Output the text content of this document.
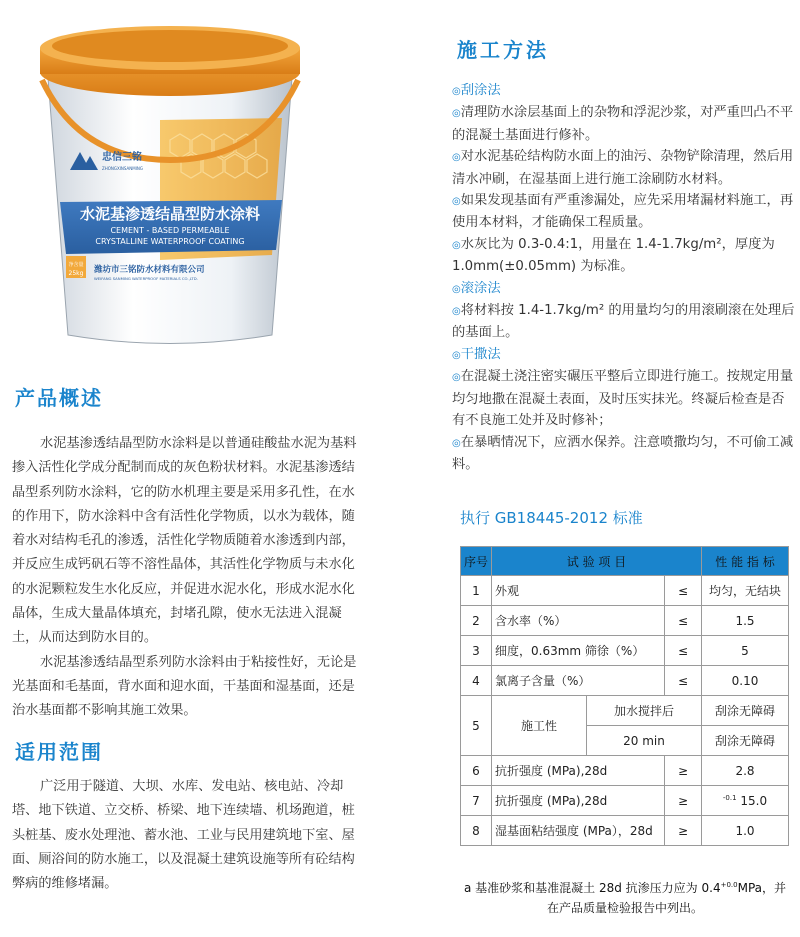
忠信三铭
ZHONGXINSANMING
水泥基渗透结晶型防水涂料
CEMENT - BASED PERMEABLE
CRYSTALLINE WATERPROOF COATING
净含量
25kg 潍坊市三铭防水材料有限公司
WEIFANG SANMING WATERPROOF MATERIALS CO.,LTD.
产品概述

水泥基渗透结晶型防水涂料是以普通硅酸盐水泥为基料掺入活性化学成分配制而成的灰色粉状材料。水泥基渗透结晶型系列防水涂料，它的防水机理主要是采用多孔性，在水的作用下，防水涂料中含有活性化学物质，以水为载体，随着水对结构毛孔的渗透，活性化学物质随着水渗透到内部，并反应生成钙矾石等不溶性晶体，其活性化学物质与未水化的水泥颗粒发生水化反应，并促进水泥水化，形成水泥水化晶体，生成大量晶体填充，封堵孔隙，使水无法进入混凝土，从而达到防水目的。

水泥基渗透结晶型系列防水涂料由于粘接性好，无论是光基面和毛基面，背水面和迎水面，干基面和湿基面，还是治水基面都不影响其施工效果。

适用范围

广泛用于隧道、大坝、水库、发电站、核电站、冷却塔、地下铁道、立交桥、桥梁、地下连续墙、机场跑道，桩头桩基、废水处理池、蓄水池、工业与民用建筑地下室、屋面、厕浴间的防水施工，以及混凝土建筑设施等所有砼结构弊病的维修堵漏。

施工方法

◎刮涂法

◎清理防水涂层基面上的杂物和浮泥沙浆，对严重凹凸不平的混凝土基面进行修补。

◎对水泥基砼结构防水面上的油污、杂物铲除清理，然后用清水冲刷，在湿基面上进行施工涂刷防水材料。

◎如果发现基面有严重渗漏处，应先采用堵漏材料施工，再使用本材料，才能确保工程质量。

◎水灰比为 0.3-0.4:1，用量在 1.4-1.7kg/m²，厚度为 1.0mm(±0.05mm) 为标准。

◎滚涂法

◎将材料按 1.4-1.7kg/m² 的用量均匀的用滚刷滚在处理后的基面上。

◎干撒法

◎在混凝土浇注密实碾压平整后立即进行施工。按规定用量均匀地撒在混凝土表面，及时压实抹光。终凝后检查是否有不良施工处并及时修补；

◎在暴晒情况下，应洒水保养。注意喷撒均匀，不可偷工减料。

执行 GB18445-2012 标准
序号	试 验 项 目			性 能 指 标
1	外观		≤	均匀，无结块
2	含水率（%）		≤	1.5
3	细度，0.63mm 筛徐（%）		≤	5
4	氯离子含量（%）		≤	0.10
5	施工性	加水搅拌后		刮涂无障碍
		20 min		刮涂无障碍
6	抗折强度 (MPa),28d		≥	2.8
7	抗折强度 (MPa),28d		≥	$^{-0.1}$ 15.0
8	湿基面粘结强度 (MPa），28d		≥	1.0
a 基准砂浆和基准混凝土 28d 抗渗压力应为 $0.4^{+0.0}MPa$，并
在产品质量检验报告中列出。
